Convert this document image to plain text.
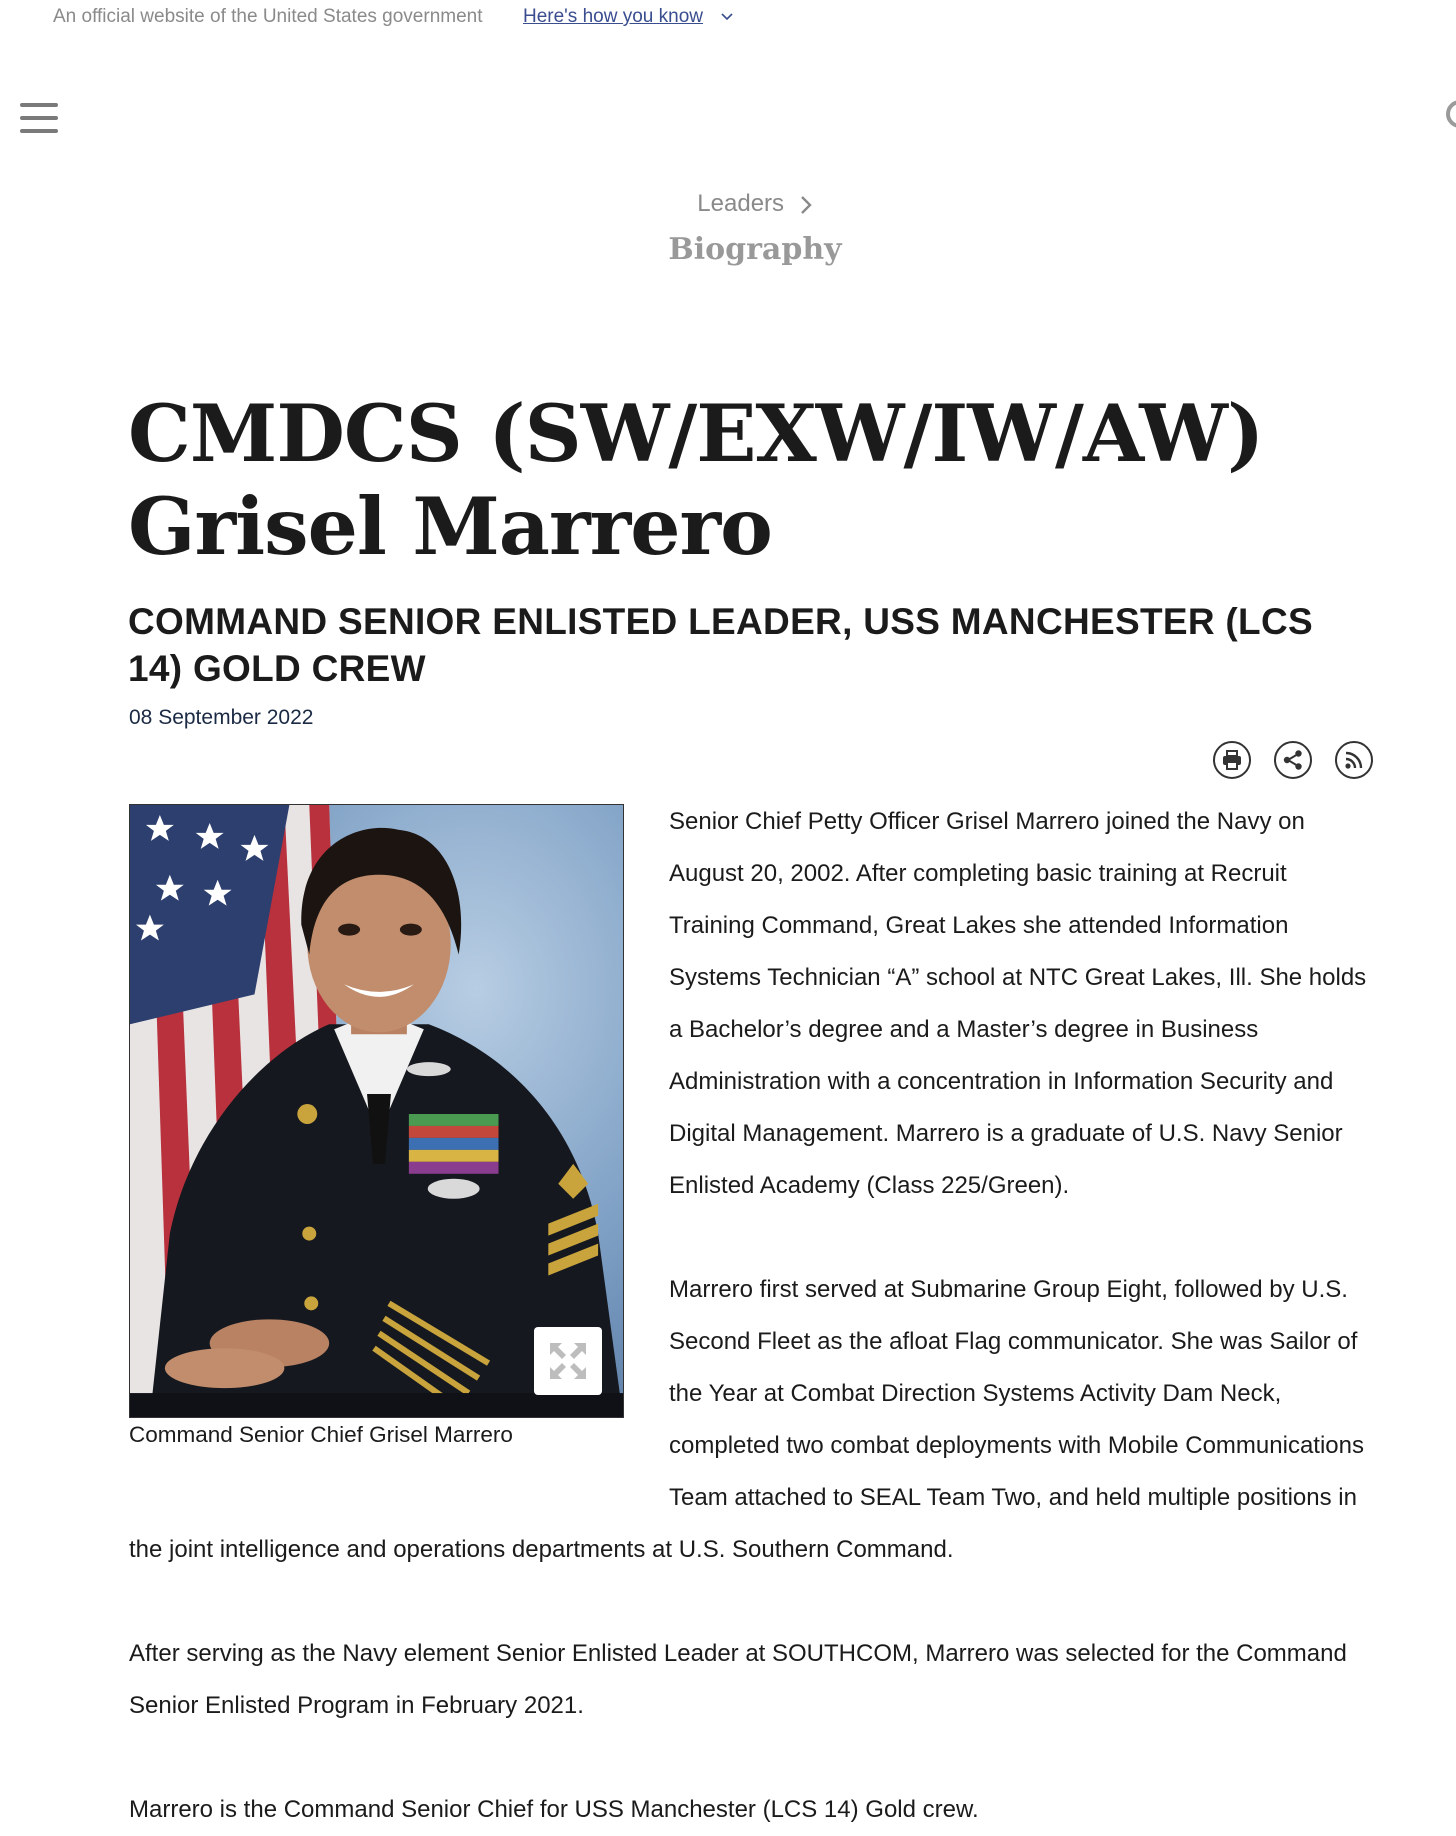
An official website of the United States government Here's how you know
Leaders
Biography
CMDCS (SW/EXW/IW/AW)
Grisel Marrero
COMMAND SENIOR ENLISTED LEADER, USS MANCHESTER (LCS
14) GOLD CREW
08 September 2022
Command Senior Chief Grisel Marrero
Senior Chief Petty Officer Grisel Marrero joined the Navy on
August 20, 2002. After completing basic training at Recruit
Training Command, Great Lakes she attended Information
Systems Technician “A” school at NTC Great Lakes, Ill. She holds
a Bachelor’s degree and a Master’s degree in Business
Administration with a concentration in Information Security and
Digital Management. Marrero is a graduate of U.S. Navy Senior
Enlisted Academy (Class 225/Green).
Marrero first served at Submarine Group Eight, followed by U.S.
Second Fleet as the afloat Flag communicator. She was Sailor of
the Year at Combat Direction Systems Activity Dam Neck,
completed two combat deployments with Mobile Communications
Team attached to SEAL Team Two, and held multiple positions in
the joint intelligence and operations departments at U.S. Southern Command.
After serving as the Navy element Senior Enlisted Leader at SOUTHCOM, Marrero was selected for the Command
Senior Enlisted Program in February 2021.
Marrero is the Command Senior Chief for USS Manchester (LCS 14) Gold crew.
